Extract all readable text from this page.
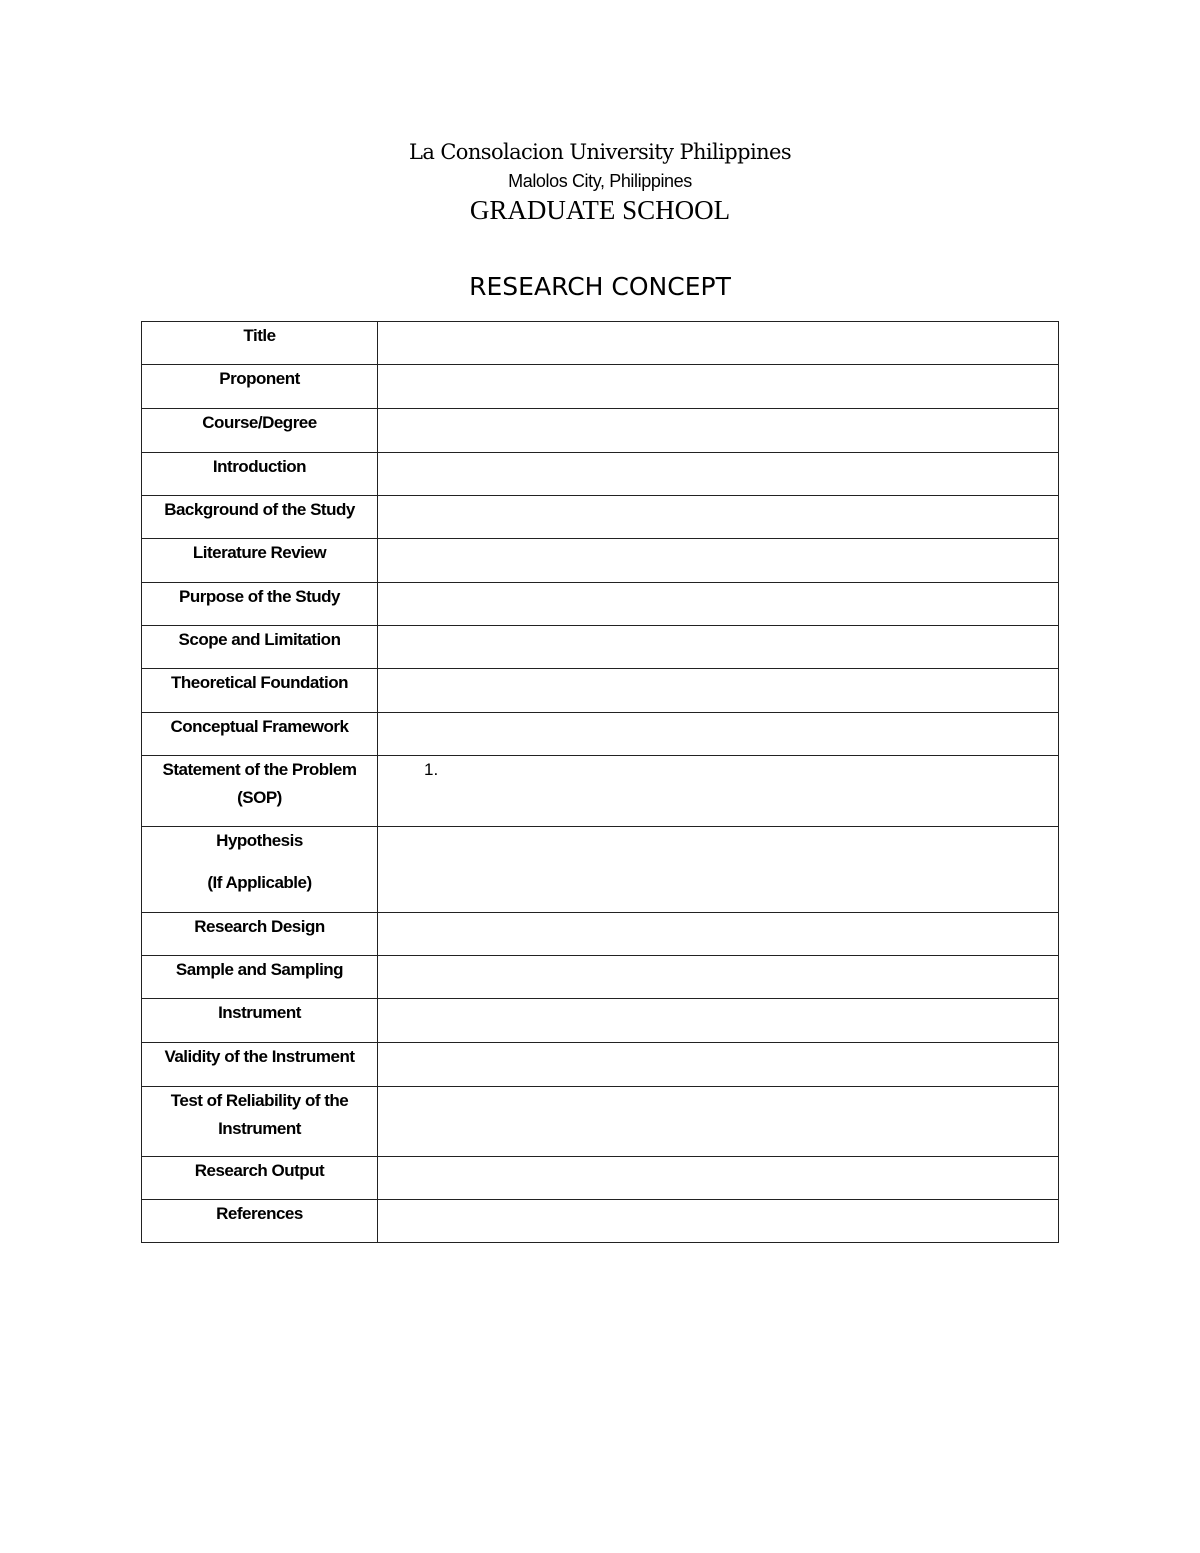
La Consolacion University Philippines
Malolos City, Philippines
GRADUATE SCHOOL
RESEARCH CONCEPT
Title	
Proponent	
Course/Degree	
Introduction	
Background of the Study	
Literature Review	
Purpose of the Study	
Scope and Limitation	
Theoretical Foundation	
Conceptual Framework	
Statement of the Problem (SOP)	1.
Hypothesis
(If Applicable)	

Research Design	
Sample and Sampling	
Instrument	
Validity of the Instrument	
Test of Reliability of the Instrument	
Research Output	
References	
